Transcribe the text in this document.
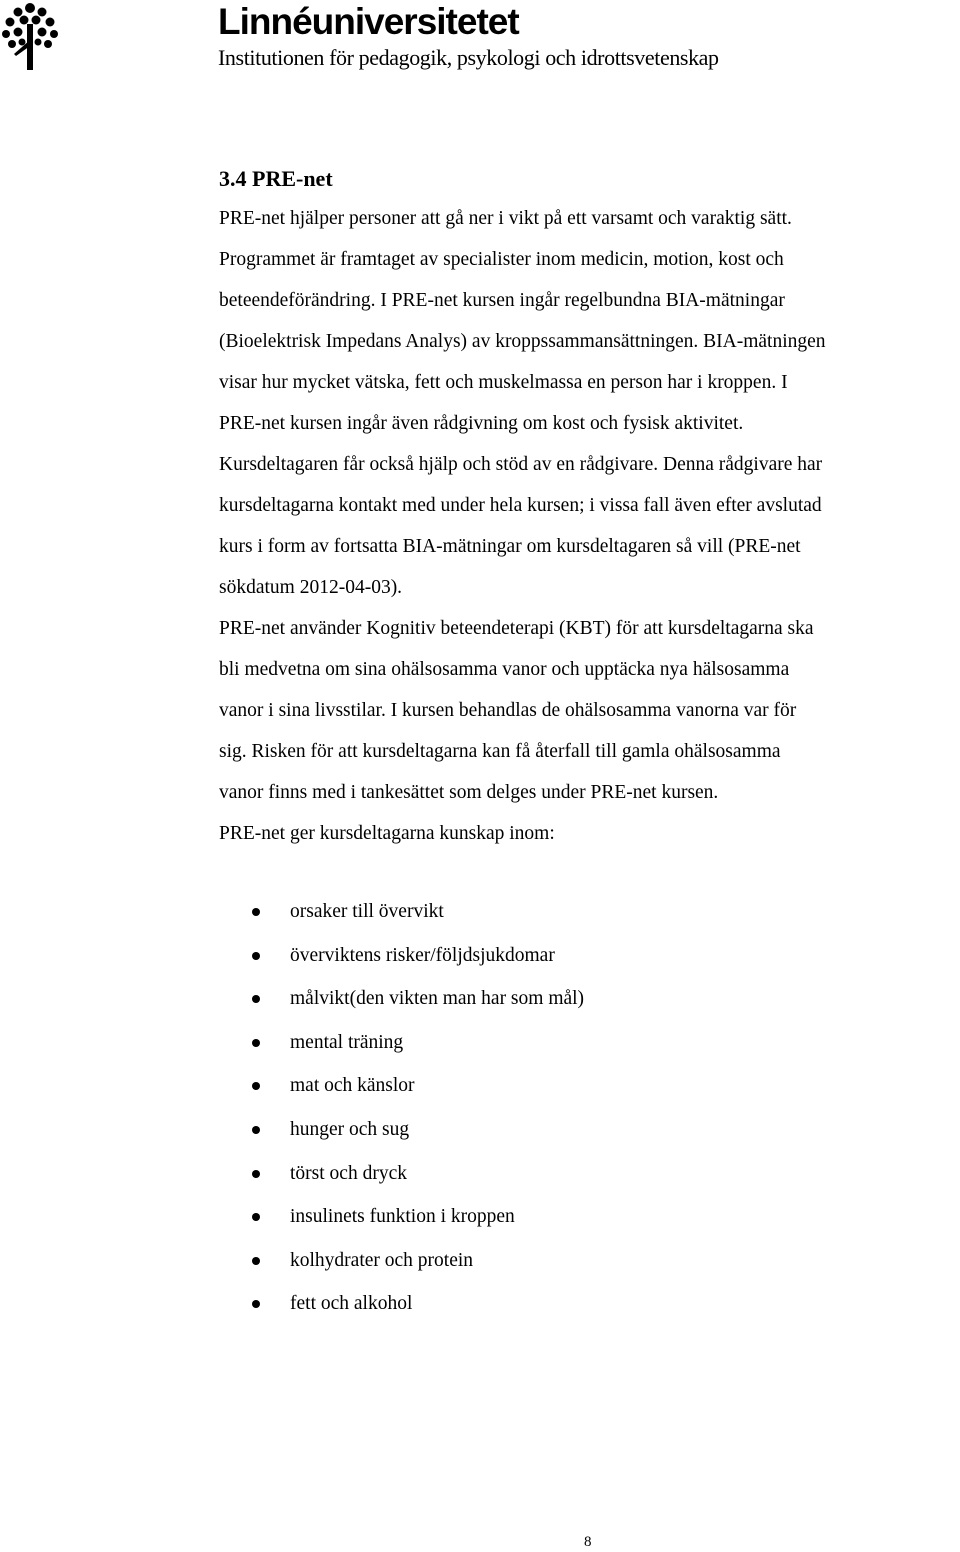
Linnéuniversitetet
Institutionen för pedagogik, psykologi och idrottsvetenskap
3.4 PRE-net

PRE-net hjälper personer att gå ner i vikt på ett varsamt och varaktig sätt.
Programmet är framtaget av specialister inom medicin, motion, kost och
beteendeförändring. I PRE-net kursen ingår regelbundna BIA-mätningar
(Bioelektrisk Impedans Analys) av kroppssammansättningen. BIA-mätningen
visar hur mycket vätska, fett och muskelmassa en person har i kroppen. I
PRE-net kursen ingår även rådgivning om kost och fysisk aktivitet.
Kursdeltagaren får också hjälp och stöd av en rådgivare. Denna rådgivare har
kursdeltagarna kontakt med under hela kursen; i vissa fall även efter avslutad
kurs i form av fortsatta BIA-mätningar om kursdeltagaren så vill (PRE-net
sökdatum 2012-04-03).

PRE-net använder Kognitiv beteendeterapi (KBT) för att kursdeltagarna ska
bli medvetna om sina ohälsosamma vanor och upptäcka nya hälsosamma
vanor i sina livsstilar. I kursen behandlas de ohälsosamma vanorna var för
sig. Risken för att kursdeltagarna kan få återfall till gamla ohälsosamma
vanor finns med i tankesättet som delges under PRE-net kursen.

PRE-net ger kursdeltagarna kunskap inom:

orsaker till övervikt
överviktens risker/följdsjukdomar
målvikt(den vikten man har som mål)
mental träning
mat och känslor
hunger och sug
törst och dryck
insulinets funktion i kroppen
kolhydrater och protein
fett och alkohol
8
